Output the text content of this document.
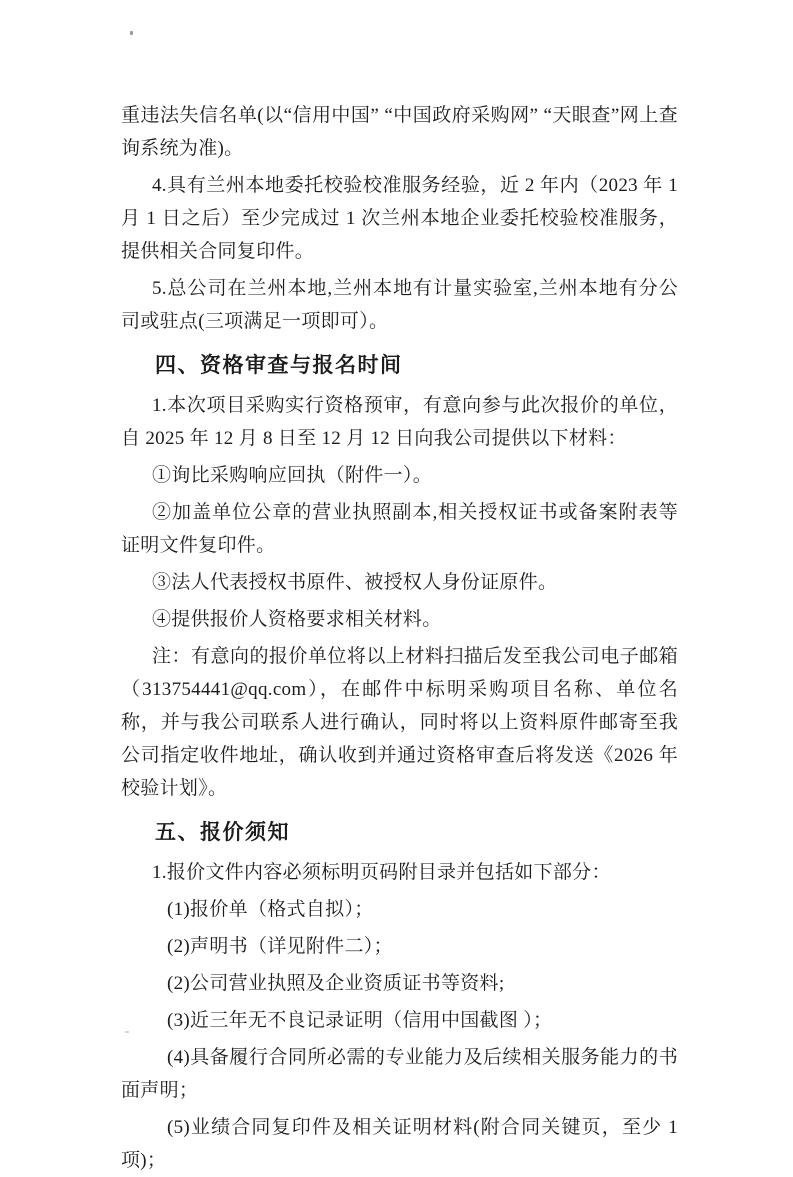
重违法失信名单(以“信用中国” “中国政府采购网” “天眼查”网上查询系统为准)。

4.具有兰州本地委托校验校准服务经验，近 2 年内（2023 年 1 月 1 日之后）至少完成过 1 次兰州本地企业委托校验校准服务，提供相关合同复印件。

5.总公司在兰州本地,兰州本地有计量实验室,兰州本地有分公司或驻点(三项满足一项即可）。

四、资格审查与报名时间

1.本次项目采购实行资格预审，有意向参与此次报价的单位，自 2025 年 12 月 8 日至 12 月 12 日向我公司提供以下材料：

①询比采购响应回执（附件一）。

②加盖单位公章的营业执照副本,相关授权证书或备案附表等证明文件复印件。

③法人代表授权书原件、被授权人身份证原件。

④提供报价人资格要求相关材料。

注：有意向的报价单位将以上材料扫描后发至我公司电子邮箱（313754441@qq.com），在邮件中标明采购项目名称、单位名称，并与我公司联系人进行确认，同时将以上资料原件邮寄至我公司指定收件地址，确认收到并通过资格审查后将发送《2026 年校验计划》。

五、报价须知

1.报价文件内容必须标明页码附目录并包括如下部分：

(1)报价单（格式自拟）；

(2)声明书（详见附件二）；

(2)公司营业执照及企业资质证书等资料;

(3)近三年无不良记录证明（信用中国截图 ）；

(4)具备履行合同所必需的专业能力及后续相关服务能力的书面声明；

(5)业绩合同复印件及相关证明材料(附合同关键页，至少 1 项)；
